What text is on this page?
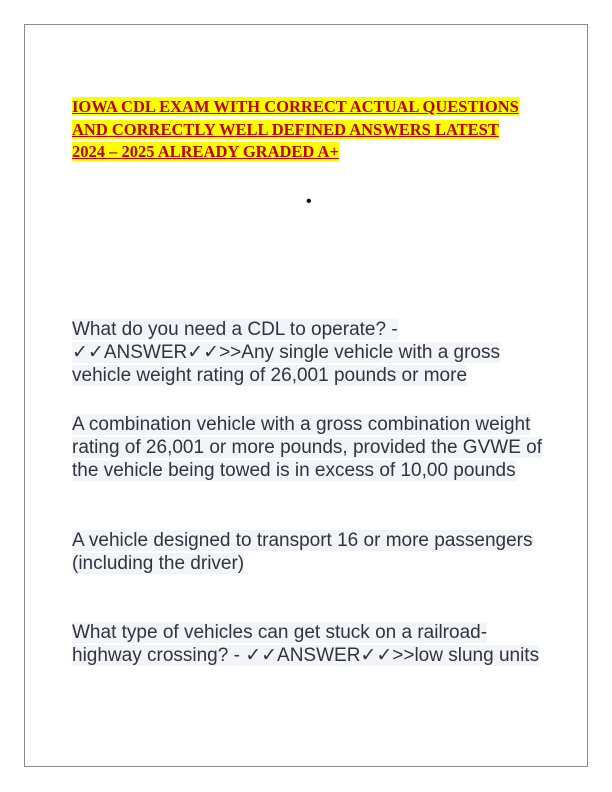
IOWA CDL EXAM WITH CORRECT ACTUAL QUESTIONS AND CORRECTLY WELL DEFINED ANSWERS LATEST 2024 – 2025 ALREADY GRADED A+
•

What do you need a CDL to operate? - ✓✓ANSWER✓✓>>Any single vehicle with a gross vehicle weight rating of 26,001 pounds or more

A combination vehicle with a gross combination weight rating of 26,001 or more pounds, provided the GVWE of the vehicle being towed is in excess of 10,00 pounds

A vehicle designed to transport 16 or more passengers (including the driver)

What type of vehicles can get stuck on a railroad-highway crossing? - ✓✓ANSWER✓✓>>low slung units
